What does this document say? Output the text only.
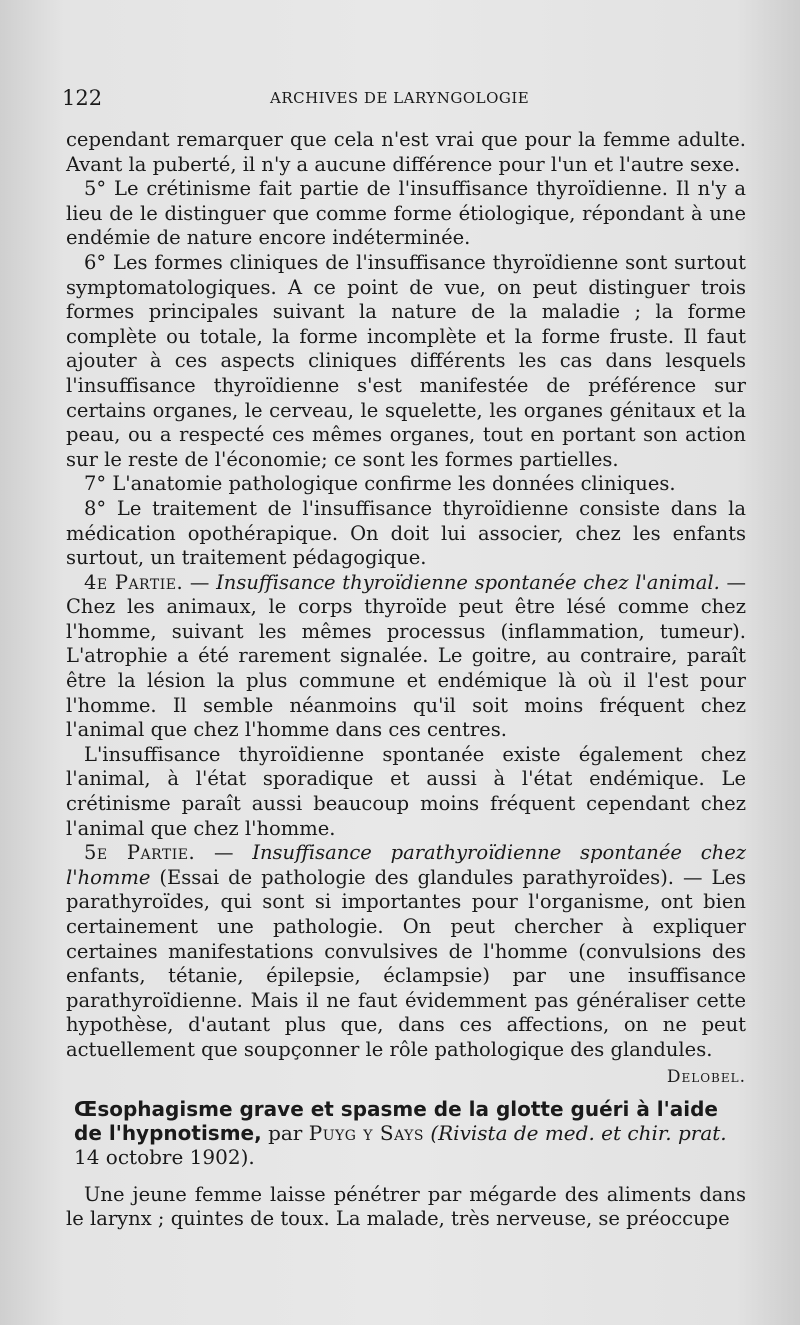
122	ARCHIVES DE LARYNGOLOGIE

cependant remarquer que cela n'est vrai que pour la femme adulte. Avant la puberté, il n'y a aucune différence pour l'un et l'autre sexe.

5° Le crétinisme fait partie de l'insuffisance thyroïdienne. Il n'y a lieu de le distinguer que comme forme étiologique, répondant à une endémie de nature encore indéterminée.

6° Les formes cliniques de l'insuffisance thyroïdienne sont surtout symptomatologiques. A ce point de vue, on peut distinguer trois formes principales suivant la nature de la maladie ; la forme complète ou totale, la forme incomplète et la forme fruste. Il faut ajouter à ces aspects cliniques différents les cas dans lesquels l'insuffisance thyroïdienne s'est manifestée de préférence sur certains organes, le cerveau, le squelette, les organes génitaux et la peau, ou a respecté ces mêmes organes, tout en portant son action sur le reste de l'économie; ce sont les formes partielles.

7° L'anatomie pathologique confirme les données cliniques.

8° Le traitement de l'insuffisance thyroïdienne consiste dans la médication opothérapique. On doit lui associer, chez les enfants surtout, un traitement pédagogique.

4e Partie. — Insuffisance thyroïdienne spontanée chez l'animal. — Chez les animaux, le corps thyroïde peut être lésé comme chez l'homme, suivant les mêmes processus (inflammation, tumeur). L'atrophie a été rarement signalée. Le goitre, au contraire, paraît être la lésion la plus commune et endémique là où il l'est pour l'homme. Il semble néanmoins qu'il soit moins fréquent chez l'animal que chez l'homme dans ces centres.

L'insuffisance thyroïdienne spontanée existe également chez l'animal, à l'état sporadique et aussi à l'état endémique. Le crétinisme paraît aussi beaucoup moins fréquent cependant chez l'animal que chez l'homme.

5e Partie. — Insuffisance parathyroïdienne spontanée chez l'homme (Essai de pathologie des glandules parathyroïdes). — Les parathyroïdes, qui sont si importantes pour l'organisme, ont bien certainement une pathologie. On peut chercher à expliquer certaines manifestations convulsives de l'homme (convulsions des enfants, tétanie, épilepsie, éclampsie) par une insuffisance parathyroïdienne. Mais il ne faut évidemment pas généraliser cette hypothèse, d'autant plus que, dans ces affections, on ne peut actuellement que soupçonner le rôle pathologique des glandules.

Delobel.
Œsophagisme grave et spasme de la glotte guéri à l'aide de l'hypnotisme, par Puyg y Says (Rivista de med. et chir. prat. 14 octobre 1902).

Une jeune femme laisse pénétrer par mégarde des aliments dans le larynx ; quintes de toux. La malade, très nerveuse, se préoccupe
